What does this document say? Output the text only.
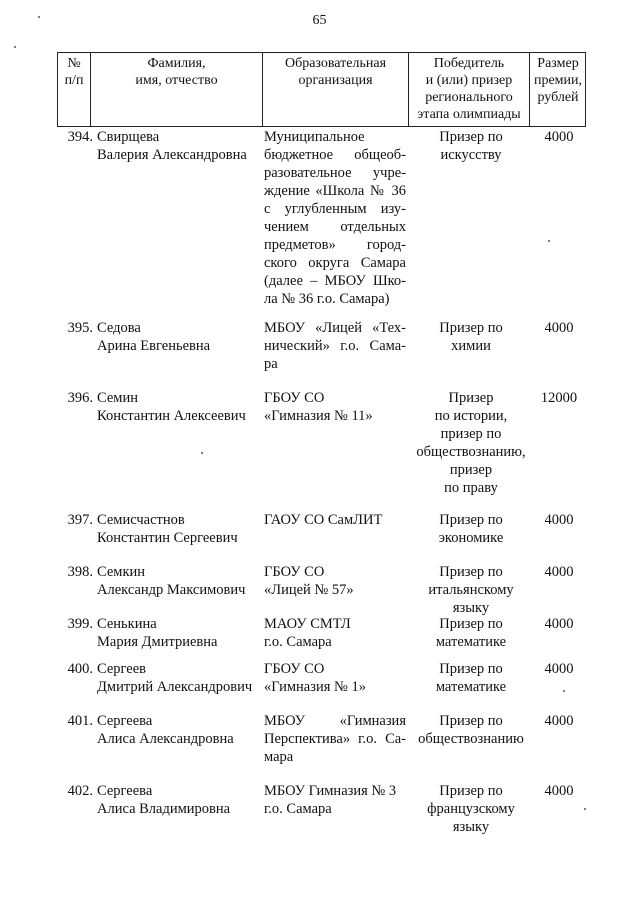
65
№
п/п
Фамилия,
имя, отчество
Образовательная
организация
Победитель
и (или) призер
регионального
этапа олимпиады
Размер
премии,
рублей
394. Свирщева
Валерия Александровна
Муниципальное бюджетное общеоб-разовательное учре-ждение «Школа № 36 с углубленным изу-чением отдельных предметов» город-ского округа Самара (далее – МБОУ Шко-ла № 36 г.о. Самара)
Призер по
искусству
4000
395. Седова
Арина Евгеньевна
МБОУ «Лицей «Тех-нический» г.о. Сама-ра
Призер по
химии
4000
396. Семин
Константин Алексеевич
ГБОУ СО
«Гимназия № 11»
Призер
по истории,
призер по
обществознанию,
призер
по праву
12000
397. Семисчастнов
Константин Сергеевич
ГАОУ СО СамЛИТ	Призер по
экономике
4000
398. Семкин
Александр Максимович
ГБОУ СО
«Лицей № 57»
Призер по
итальянскому
языку
4000
399. Сенькина
Мария Дмитриевна
МАОУ СМТЛ
г.о. Самара
Призер по
математике
4000
400. Сергеев
Дмитрий Александрович
ГБОУ СО
«Гимназия № 1»
Призер по
математике
4000
401. Сергеева
Алиса Александровна
МБОУ «Гимназия Перспектива» г.о. Са-мара
Призер по
обществознанию
4000
402. Сергеева
Алиса Владимировна
МБОУ Гимназия № 3
г.о. Самара
Призер по
французскому
языку
4000
